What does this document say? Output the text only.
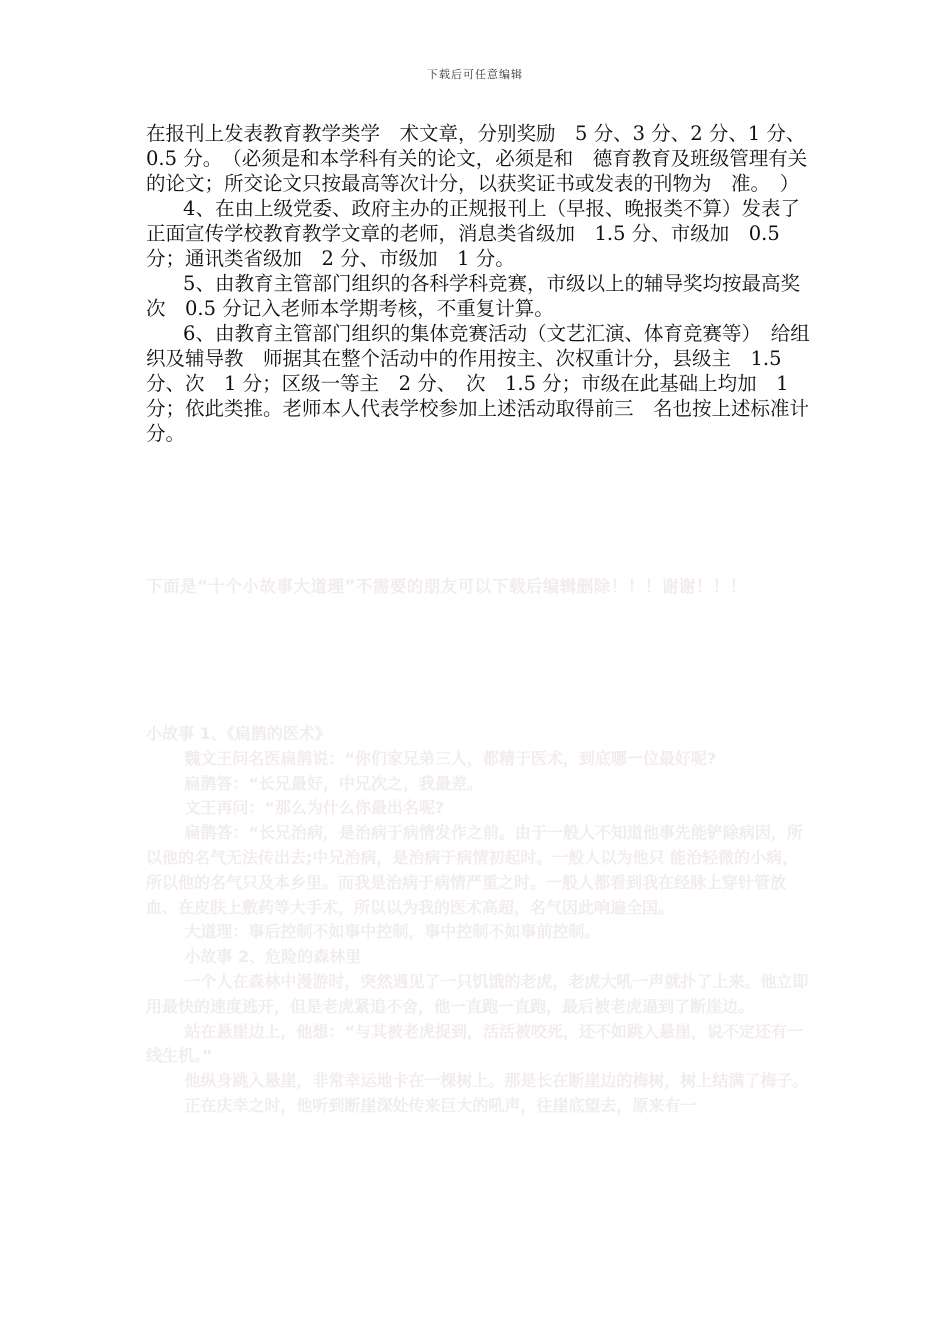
下载后可任意编辑

在报刊上发表教育教学类学　术文章，分别奖励　5 分、3 分、2 分、1 分、0.5 分。　（必须是和本学科有关的论文，必须是和　德育教育及班级管理有关的论文；所交论文只按最高等次计分，以获奖证书或发表的刊物为　准。　）

4、在由上级党委、政府主办的正规报刊上（早报、晚报类不算）发表了正面宣传学校教育教学文章的老师，消息类省级加　1.5 分、市级加　0.5 分；通讯类省级加　2 分、市级加　1 分。

5、由教育主管部门组织的各科学科竞赛，市级以上的辅导奖均按最高奖次　0.5 分记入老师本学期考核，不重复计算。

6、由教育主管部门组织的集体竞赛活动（文艺汇演、体育竞赛等）　给组织及辅导教　师据其在整个活动中的作用按主、次权重计分，县级主　1.5 分、次　1 分；区级一等主　2 分、　次　1.5 分；市级在此基础上均加　1 分；依此类推。老师本人代表学校参加上述活动取得前三　名也按上述标准计分。

下面是“十个小故事大道理”不需要的朋友可以下载后编辑删除！！！谢谢！！！

小故事 1、《扁鹊的医术》

魏文王问名医扁鹊说：“你们家兄弟三人，都精于医术，到底哪一位最好呢?

扁鹊答：“长兄最好，中兄次之，我最差。

文王再问：“那么为什么你最出名呢?

扁鹊答：“长兄治病，是治病于病情发作之前。由于一般人不知道他事先能铲除病因，所以他的名气无法传出去;中兄治病，是治病于病情初起时。一般人以为他只 能治轻微的小病，所以他的名气只及本乡里。而我是治病于病情严重之时。一般人都看到我在经脉上穿针管放血、在皮肤上敷药等大手术，所以以为我的医术高超，名气因此响遍全国。

大道理：事后控制不如事中控制，事中控制不如事前控制。

小故事 2、危险的森林里

一个人在森林中漫游时，突然遇见了一只饥饿的老虎，老虎大吼一声就扑了上来。他立即用最快的速度逃开，但是老虎紧追不舍，他一直跑一直跑，最后被老虎逼到了断崖边。

站在悬崖边上，他想：“与其被老虎捉到，活活被咬死，还不如跳入悬崖，说不定还有一线生机。”

他纵身跳入悬崖，非常幸运地卡在一棵树上。那是长在断崖边的梅树，树上结满了梅子。

正在庆幸之时，他听到断崖深处传来巨大的吼声，往崖底望去，原来有一
